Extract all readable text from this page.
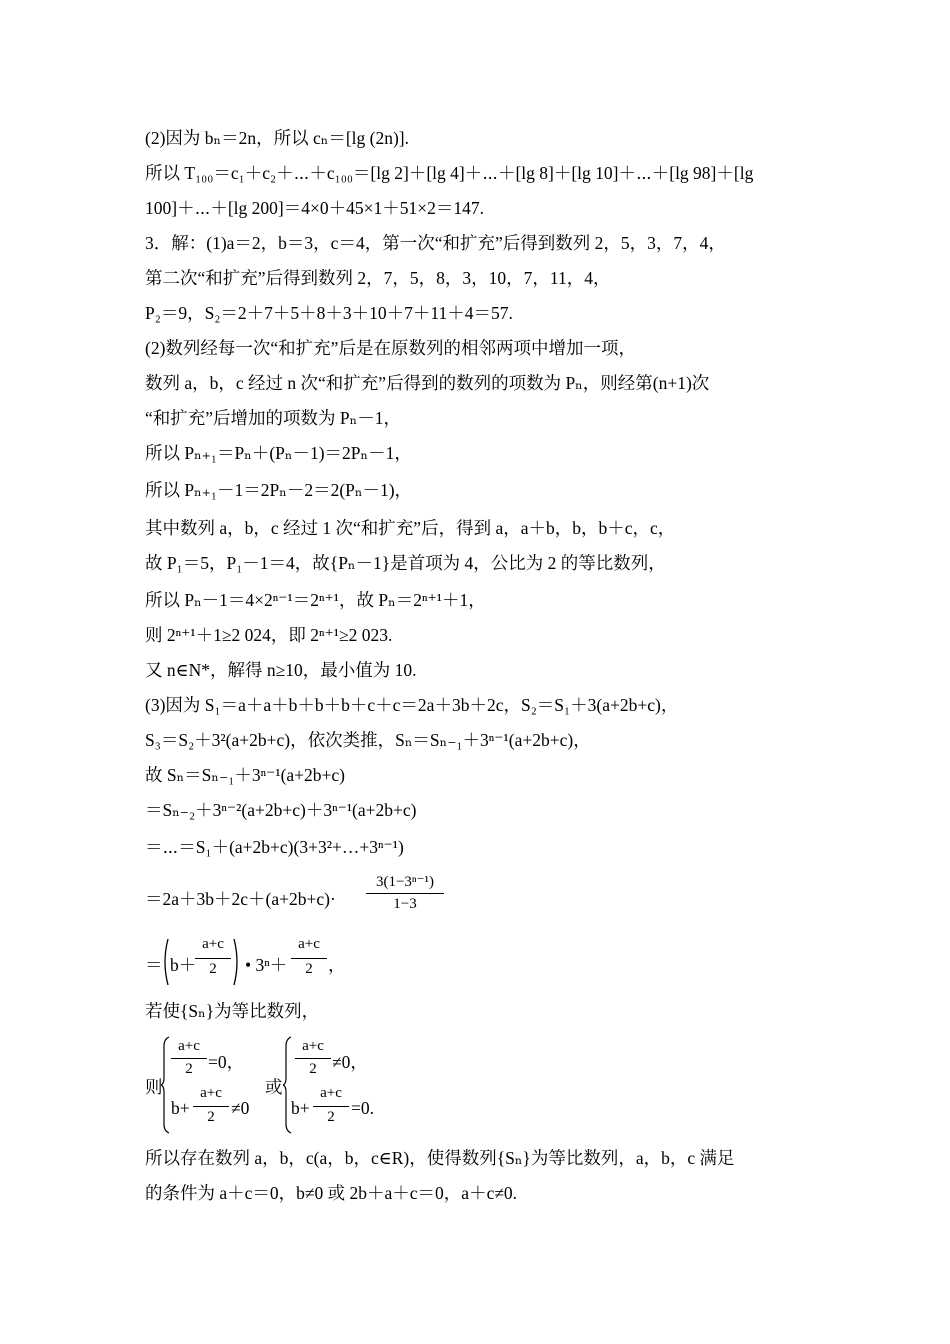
(2)因为 bₙ＝2n，所以 cₙ＝[lg (2n)].
所以 T₁₀₀＝c₁＋c₂＋⋯＋c₁₀₀＝[lg 2]＋[lg 4]＋⋯＋[lg 8]＋[lg 10]＋⋯＋[lg 98]＋[lg
100]＋⋯＋[lg 200]＝4×0＋45×1＋51×2＝147.
3．解：(1)a＝2，b＝3，c＝4，第一次“和扩充”后得到数列 2，5，3，7，4，
第二次“和扩充”后得到数列 2，7，5，8，3，10，7，11，4，
P₂＝9，S₂＝2＋7＋5＋8＋3＋10＋7＋11＋4＝57.
(2)数列经每一次“和扩充”后是在原数列的相邻两项中增加一项，
数列 a，b，c 经过 n 次“和扩充”后得到的数列的项数为 Pₙ，则经第(n+1)次
“和扩充”后增加的项数为 Pₙ－1，
所以 Pₙ₊₁＝Pₙ＋(Pₙ－1)＝2Pₙ－1，
所以 Pₙ₊₁－1＝2Pₙ－2＝2(Pₙ－1)，
其中数列 a，b，c 经过 1 次“和扩充”后，得到 a，a＋b，b，b＋c，c，
故 P₁＝5，P₁－1＝4，故{Pₙ－1}是首项为 4，公比为 2 的等比数列，
所以 Pₙ－1＝4×2ⁿ⁻¹＝2ⁿ⁺¹，故 Pₙ＝2ⁿ⁺¹＋1，
则 2ⁿ⁺¹＋1≥2 024，即 2ⁿ⁺¹≥2 023.
又 n∈N*，解得 n≥10，最小值为 10.
(3)因为 S₁＝a＋a＋b＋b＋b＋c＋c＝2a＋3b＋2c，S₂＝S₁＋3(a+2b+c)，
S₃＝S₂＋3²(a+2b+c)，依次类推，Sₙ＝Sₙ₋₁＋3ⁿ⁻¹(a+2b+c)，
故 Sₙ＝Sₙ₋₁＋3ⁿ⁻¹(a+2b+c)
＝Sₙ₋₂＋3ⁿ⁻²(a+2b+c)＋3ⁿ⁻¹(a+2b+c)
＝⋯＝S₁＋(a+2b+c)(3+3²+…+3ⁿ⁻¹)
＝2a＋3b＋2c＋(a+2b+c)·
3(1−3ⁿ⁻¹)
1−3
＝ b＋
a+c
2	• 3ⁿ＋
a+c
2 ，
若使{Sₙ}为等比数列，
则
a+c
2 =0，
b+
a+c
2 ≠0
或
a+c
2 ≠0，
b+
a+c
2 =0.
所以存在数列 a，b，c(a，b，c∈R)，使得数列{Sₙ}为等比数列，a，b，c 满足
的条件为 a＋c＝0，b≠0 或 2b＋a＋c＝0，a＋c≠0.
